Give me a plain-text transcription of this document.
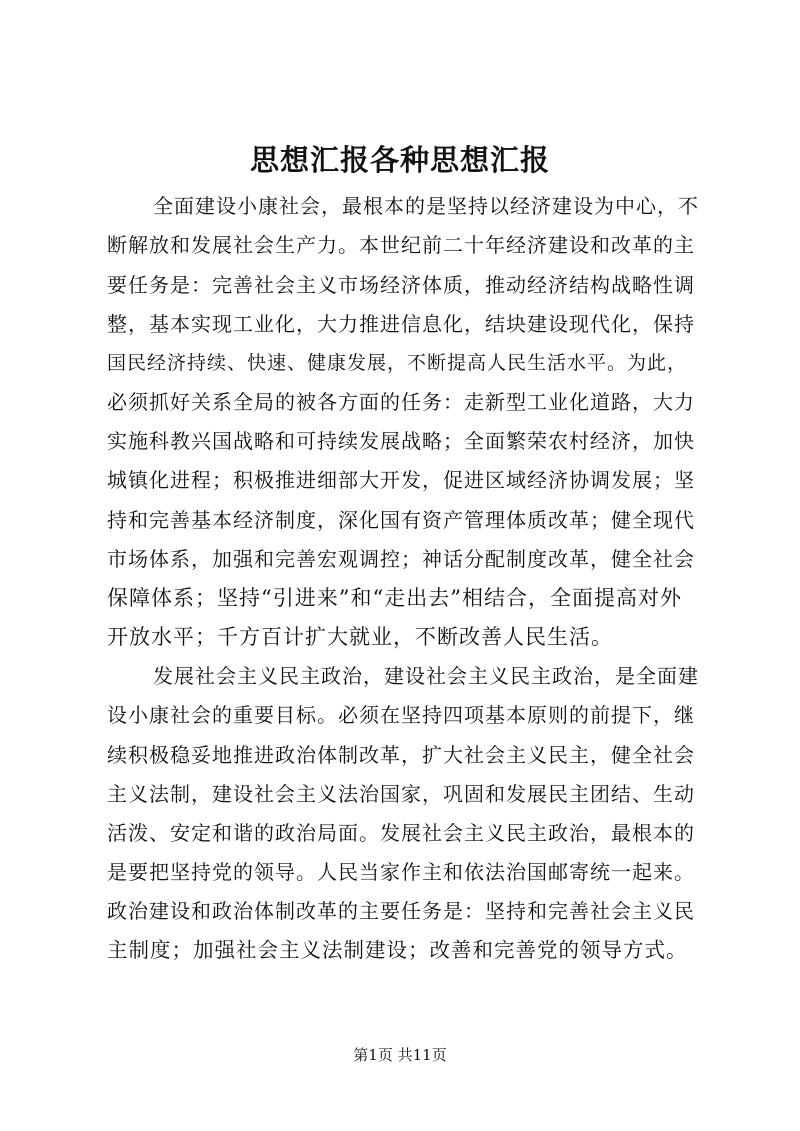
思想汇报各种思想汇报
全面建设小康社会，最根本的是坚持以经济建设为中心，不
断解放和发展社会生产力。本世纪前二十年经济建设和改革的主
要任务是：完善社会主义市场经济体质，推动经济结构战略性调
整，基本实现工业化，大力推进信息化，结块建设现代化，保持
国民经济持续、快速、健康发展，不断提高人民生活水平。为此，
必须抓好关系全局的被各方面的任务：走新型工业化道路，大力
实施科教兴国战略和可持续发展战略；全面繁荣农村经济，加快
城镇化进程；积极推进细部大开发，促进区域经济协调发展；坚
持和完善基本经济制度，深化国有资产管理体质改革；健全现代
市场体系，加强和完善宏观调控；神话分配制度改革，健全社会
保障体系；坚持“引进来”和“走出去”相结合，全面提高对外
开放水平；千方百计扩大就业，不断改善人民生活。
发展社会主义民主政治，建设社会主义民主政治，是全面建
设小康社会的重要目标。必须在坚持四项基本原则的前提下，继
续积极稳妥地推进政治体制改革，扩大社会主义民主，健全社会
主义法制，建设社会主义法治国家，巩固和发展民主团结、生动
活泼、安定和谐的政治局面。发展社会主义民主政治，最根本的
是要把坚持党的领导。人民当家作主和依法治国邮寄统一起来。
政治建设和政治体制改革的主要任务是：坚持和完善社会主义民
主制度；加强社会主义法制建设；改善和完善党的领导方式。
第1页 共11页
